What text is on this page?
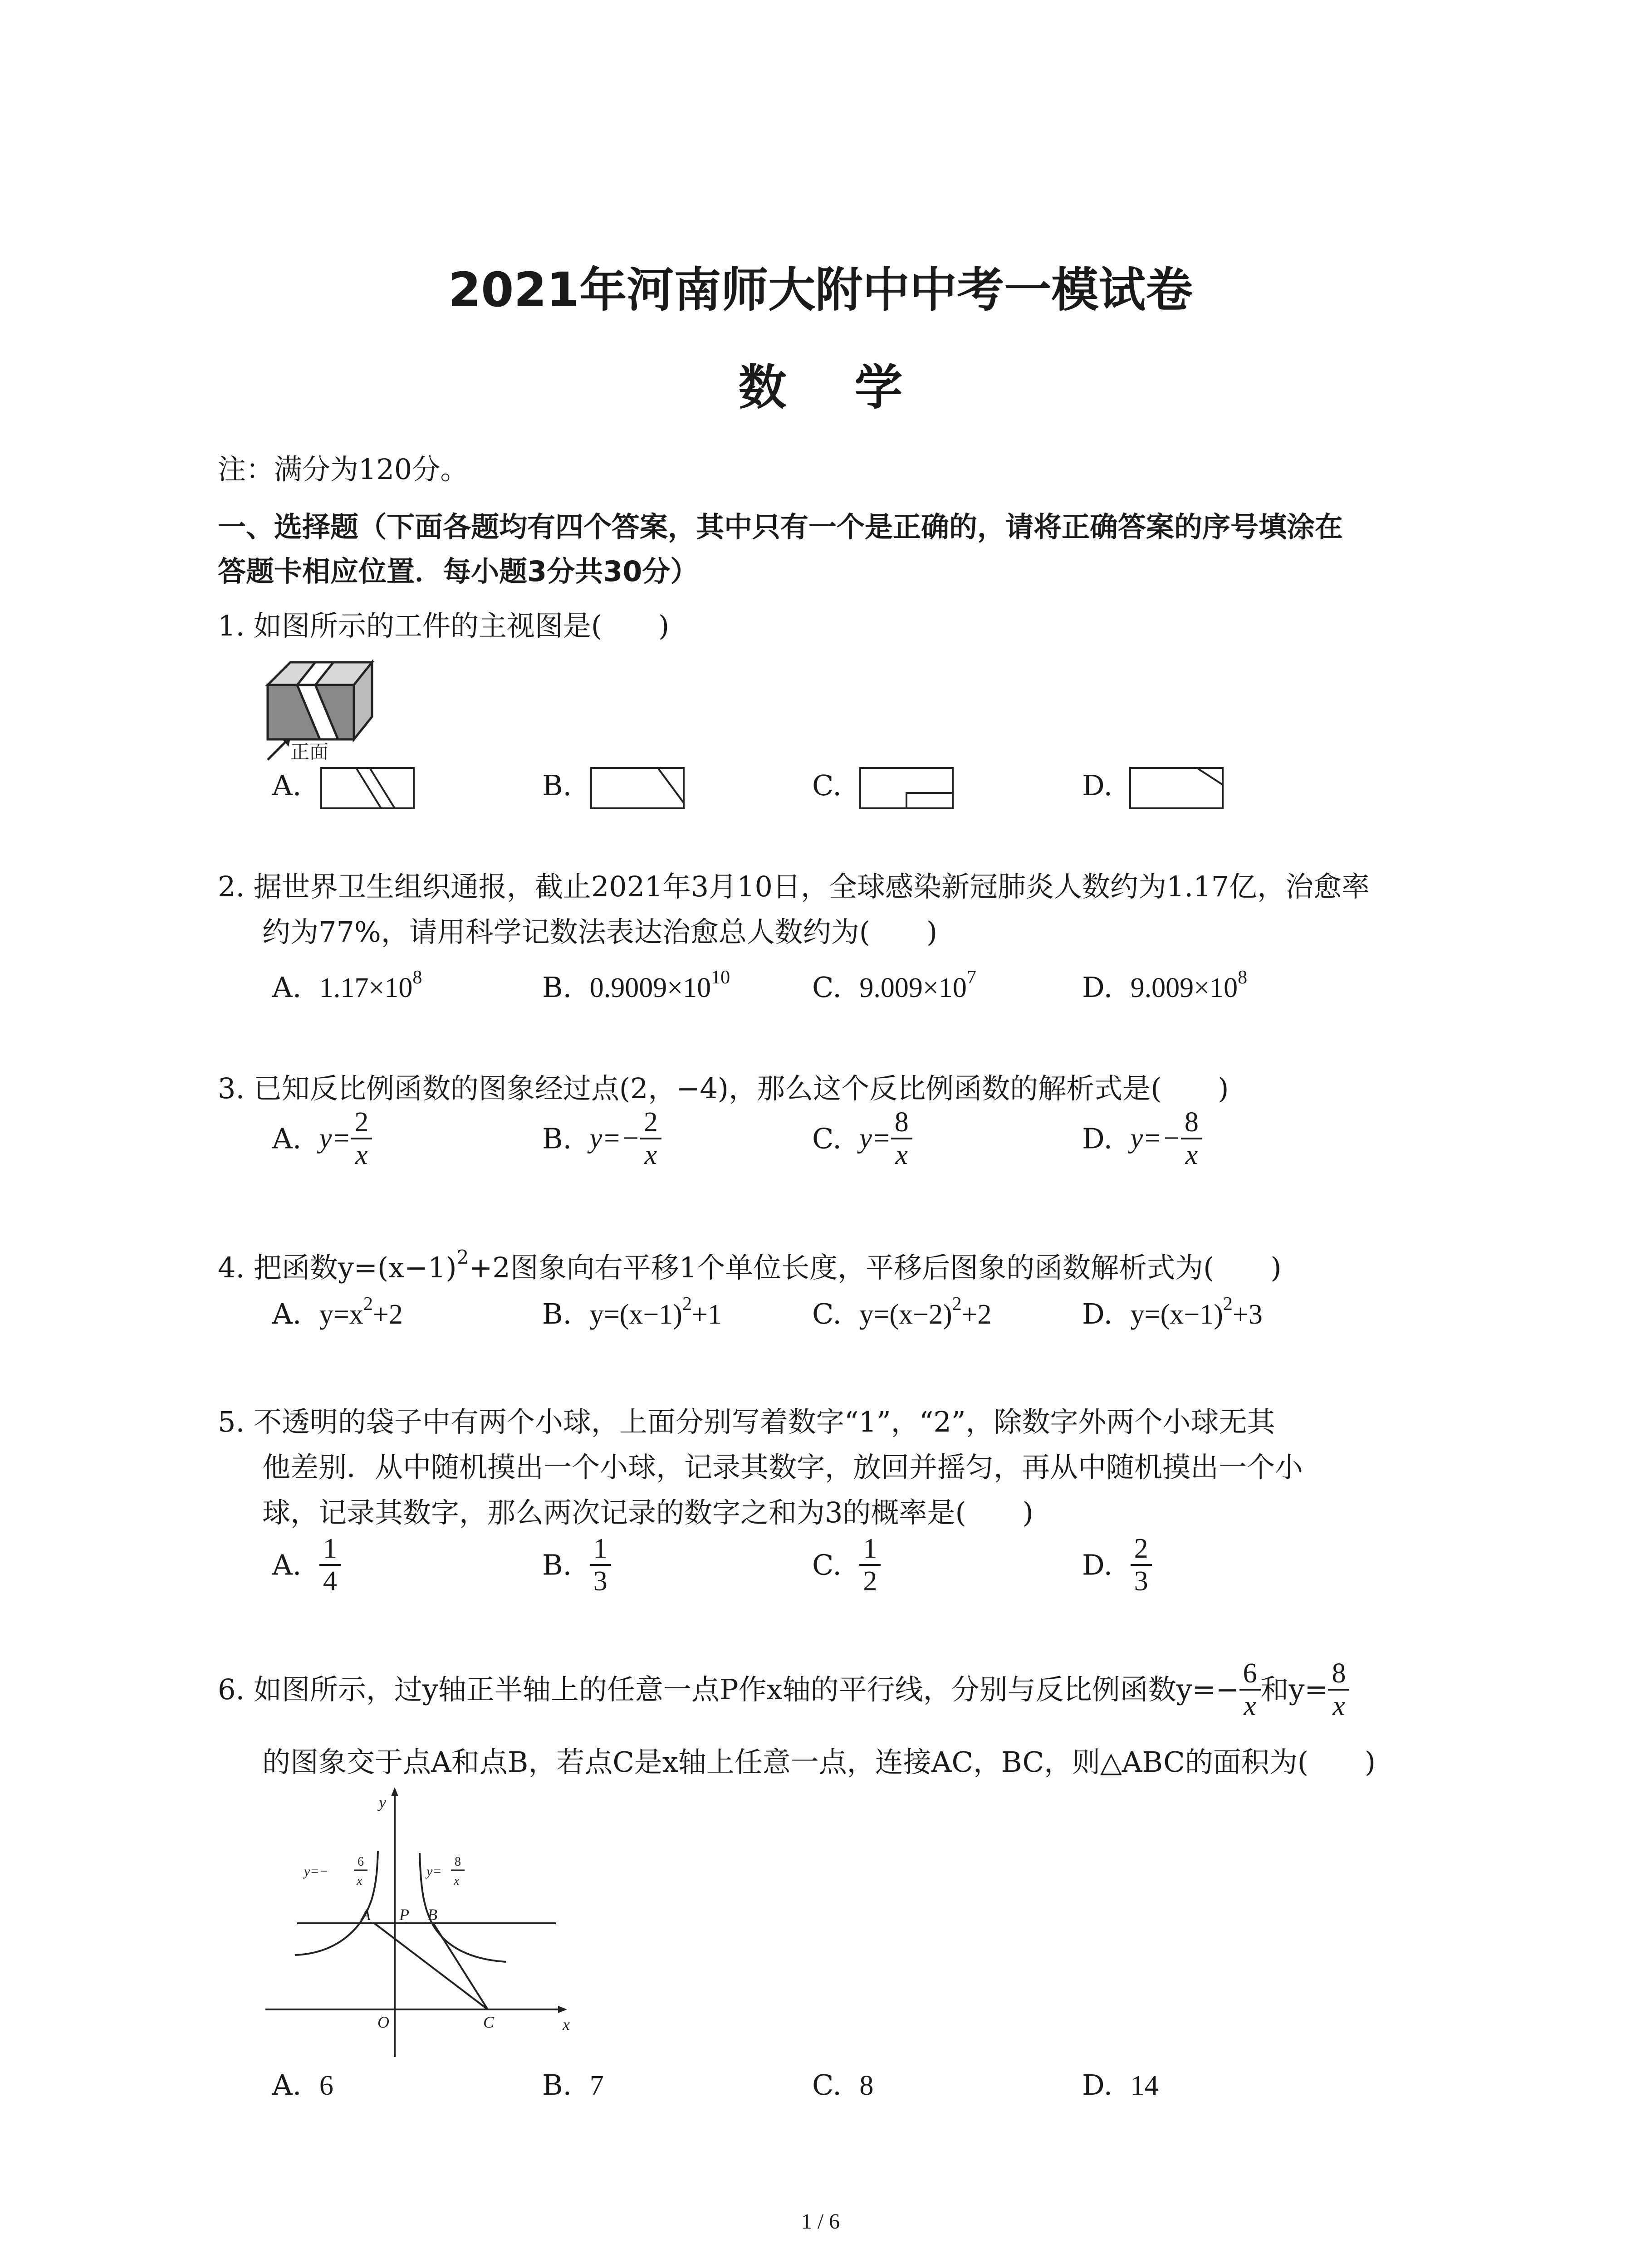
2021年河南师大附中中考一模试卷
数学
注：满分为120分。
一、选择题（下面各题均有四个答案，其中只有一个是正确的，请将正确答案的序号填涂在
答题卡相应位置．每小题3分共30分）
1. 如图所示的工件的主视图是(　　)
正面
A.	B.	C.	D.
2. 据世界卫生组织通报，截止2021年3月10日，全球感染新冠肺炎人数约为1.17亿，治愈率
约为77%，请用科学记数法表达治愈总人数约为(　　)
A. $1.17\times 10^8$	B. $0.9009\times 10^{10}$	C. $9.009\times 10^7$	D. $9.009\times 10^8$
3. 已知反比例函数的图象经过点(2，−4)，那么这个反比例函数的解析式是(　　)
A. $y= \frac{2}{x}$	B. $y=- \frac{2}{x}$	C. $y= \frac{8}{x}$	D. $y=- \frac{8}{x}$
4. 把函数$y=(x-1)^2+2$图象向右平移1个单位长度，平移后图象的函数解析式为(　　)
A. $y=x^2+2$	B. $y=(x-1)^2+1$	C. $y=(x-2)^2+2$	D. $y=(x-1)^2+3$
5. 不透明的袋子中有两个小球，上面分别写着数字“1”，“2”，除数字外两个小球无其
他差别．从中随机摸出一个小球，记录其数字，放回并摇匀，再从中随机摸出一个小
球，记录其数字，那么两次记录的数字之和为3的概率是(　　)
A. $\frac{1}{4}$	B. $\frac{1}{3}$	C. $\frac{1}{2}$	D. $\frac{2}{3}$
6. 如图所示，过y轴正半轴上的任意一点P作x轴的平行线，分别与反比例函数$y=- \frac{6}{x}$ 和$y= \frac{8}{x}$
的图象交于点A和点B，若点C是x轴上任意一点，连接AC，BC，则△ABC的面积为(　　)
y
x
O
A P B
C
y=−
6
x
y=
8
x
A. 6	B. 7	C. 8	D. 14
1 / 6
